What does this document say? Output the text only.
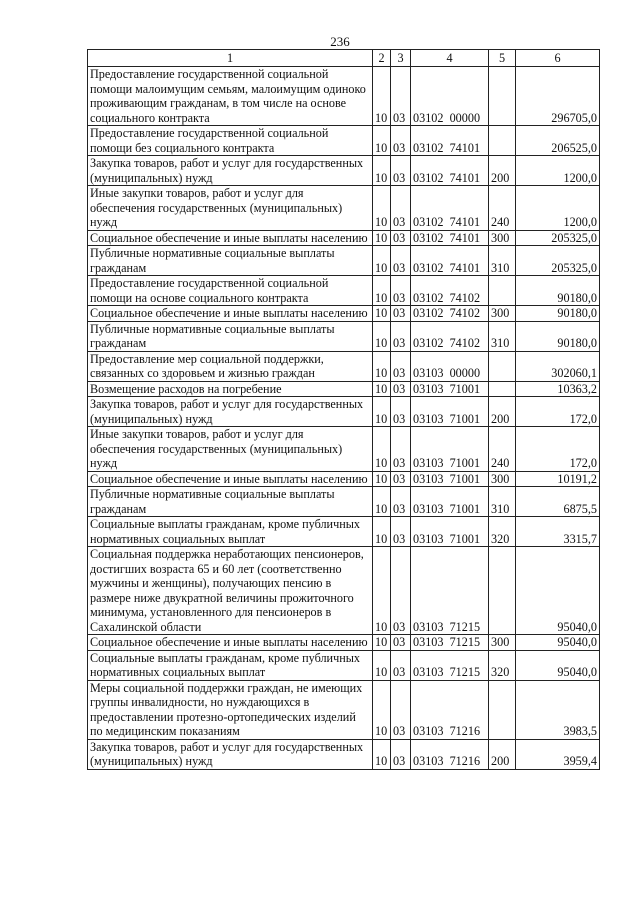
236
1	2	3	4	5	6
Предоставление государственной социальной помощи малоимущим семьям, малоимущим одиноко проживающим гражданам, в том числе на основе социального контракта	10	03	03102  00000		296705,0
Предоставление государственной социальной помощи без социального контракта	10	03	03102  74101		206525,0
Закупка товаров, работ и услуг для государственных (муниципальных) нужд	10	03	03102  74101	200	1200,0
Иные закупки товаров, работ и услуг для обеспечения государственных (муниципальных) нужд	10	03	03102  74101	240	1200,0
Социальное обеспечение и иные выплаты населению	10	03	03102  74101	300	205325,0
Публичные нормативные социальные выплаты гражданам	10	03	03102  74101	310	205325,0
Предоставление государственной социальной помощи на основе социального контракта	10	03	03102  74102		90180,0
Социальное обеспечение и иные выплаты населению	10	03	03102  74102	300	90180,0
Публичные нормативные социальные выплаты гражданам	10	03	03102  74102	310	90180,0
Предоставление мер социальной поддержки, связанных со здоровьем и жизнью граждан	10	03	03103  00000		302060,1
Возмещение расходов на погребение	10	03	03103  71001		10363,2
Закупка товаров, работ и услуг для государственных (муниципальных) нужд	10	03	03103  71001	200	172,0
Иные закупки товаров, работ и услуг для обеспечения государственных (муниципальных) нужд	10	03	03103  71001	240	172,0
Социальное обеспечение и иные выплаты населению	10	03	03103  71001	300	10191,2
Публичные нормативные социальные выплаты гражданам	10	03	03103  71001	310	6875,5
Социальные выплаты гражданам, кроме публичных нормативных социальных выплат	10	03	03103  71001	320	3315,7
Социальная поддержка неработающих пенсионеров, достигших возраста 65 и 60 лет (соответственно мужчины и женщины), получающих пенсию в размере ниже двукратной величины прожиточного минимума, установленного для пенсионеров в Сахалинской области	10	03	03103  71215		95040,0
Социальное обеспечение и иные выплаты населению	10	03	03103  71215	300	95040,0
Социальные выплаты гражданам, кроме публичных нормативных социальных выплат	10	03	03103  71215	320	95040,0
Меры социальной поддержки граждан, не имеющих группы инвалидности, но нуждающихся в предоставлении протезно-ортопедических изделий по медицинским показаниям	10	03	03103  71216		3983,5
Закупка товаров, работ и услуг для государственных (муниципальных) нужд	10	03	03103  71216	200	3959,4
